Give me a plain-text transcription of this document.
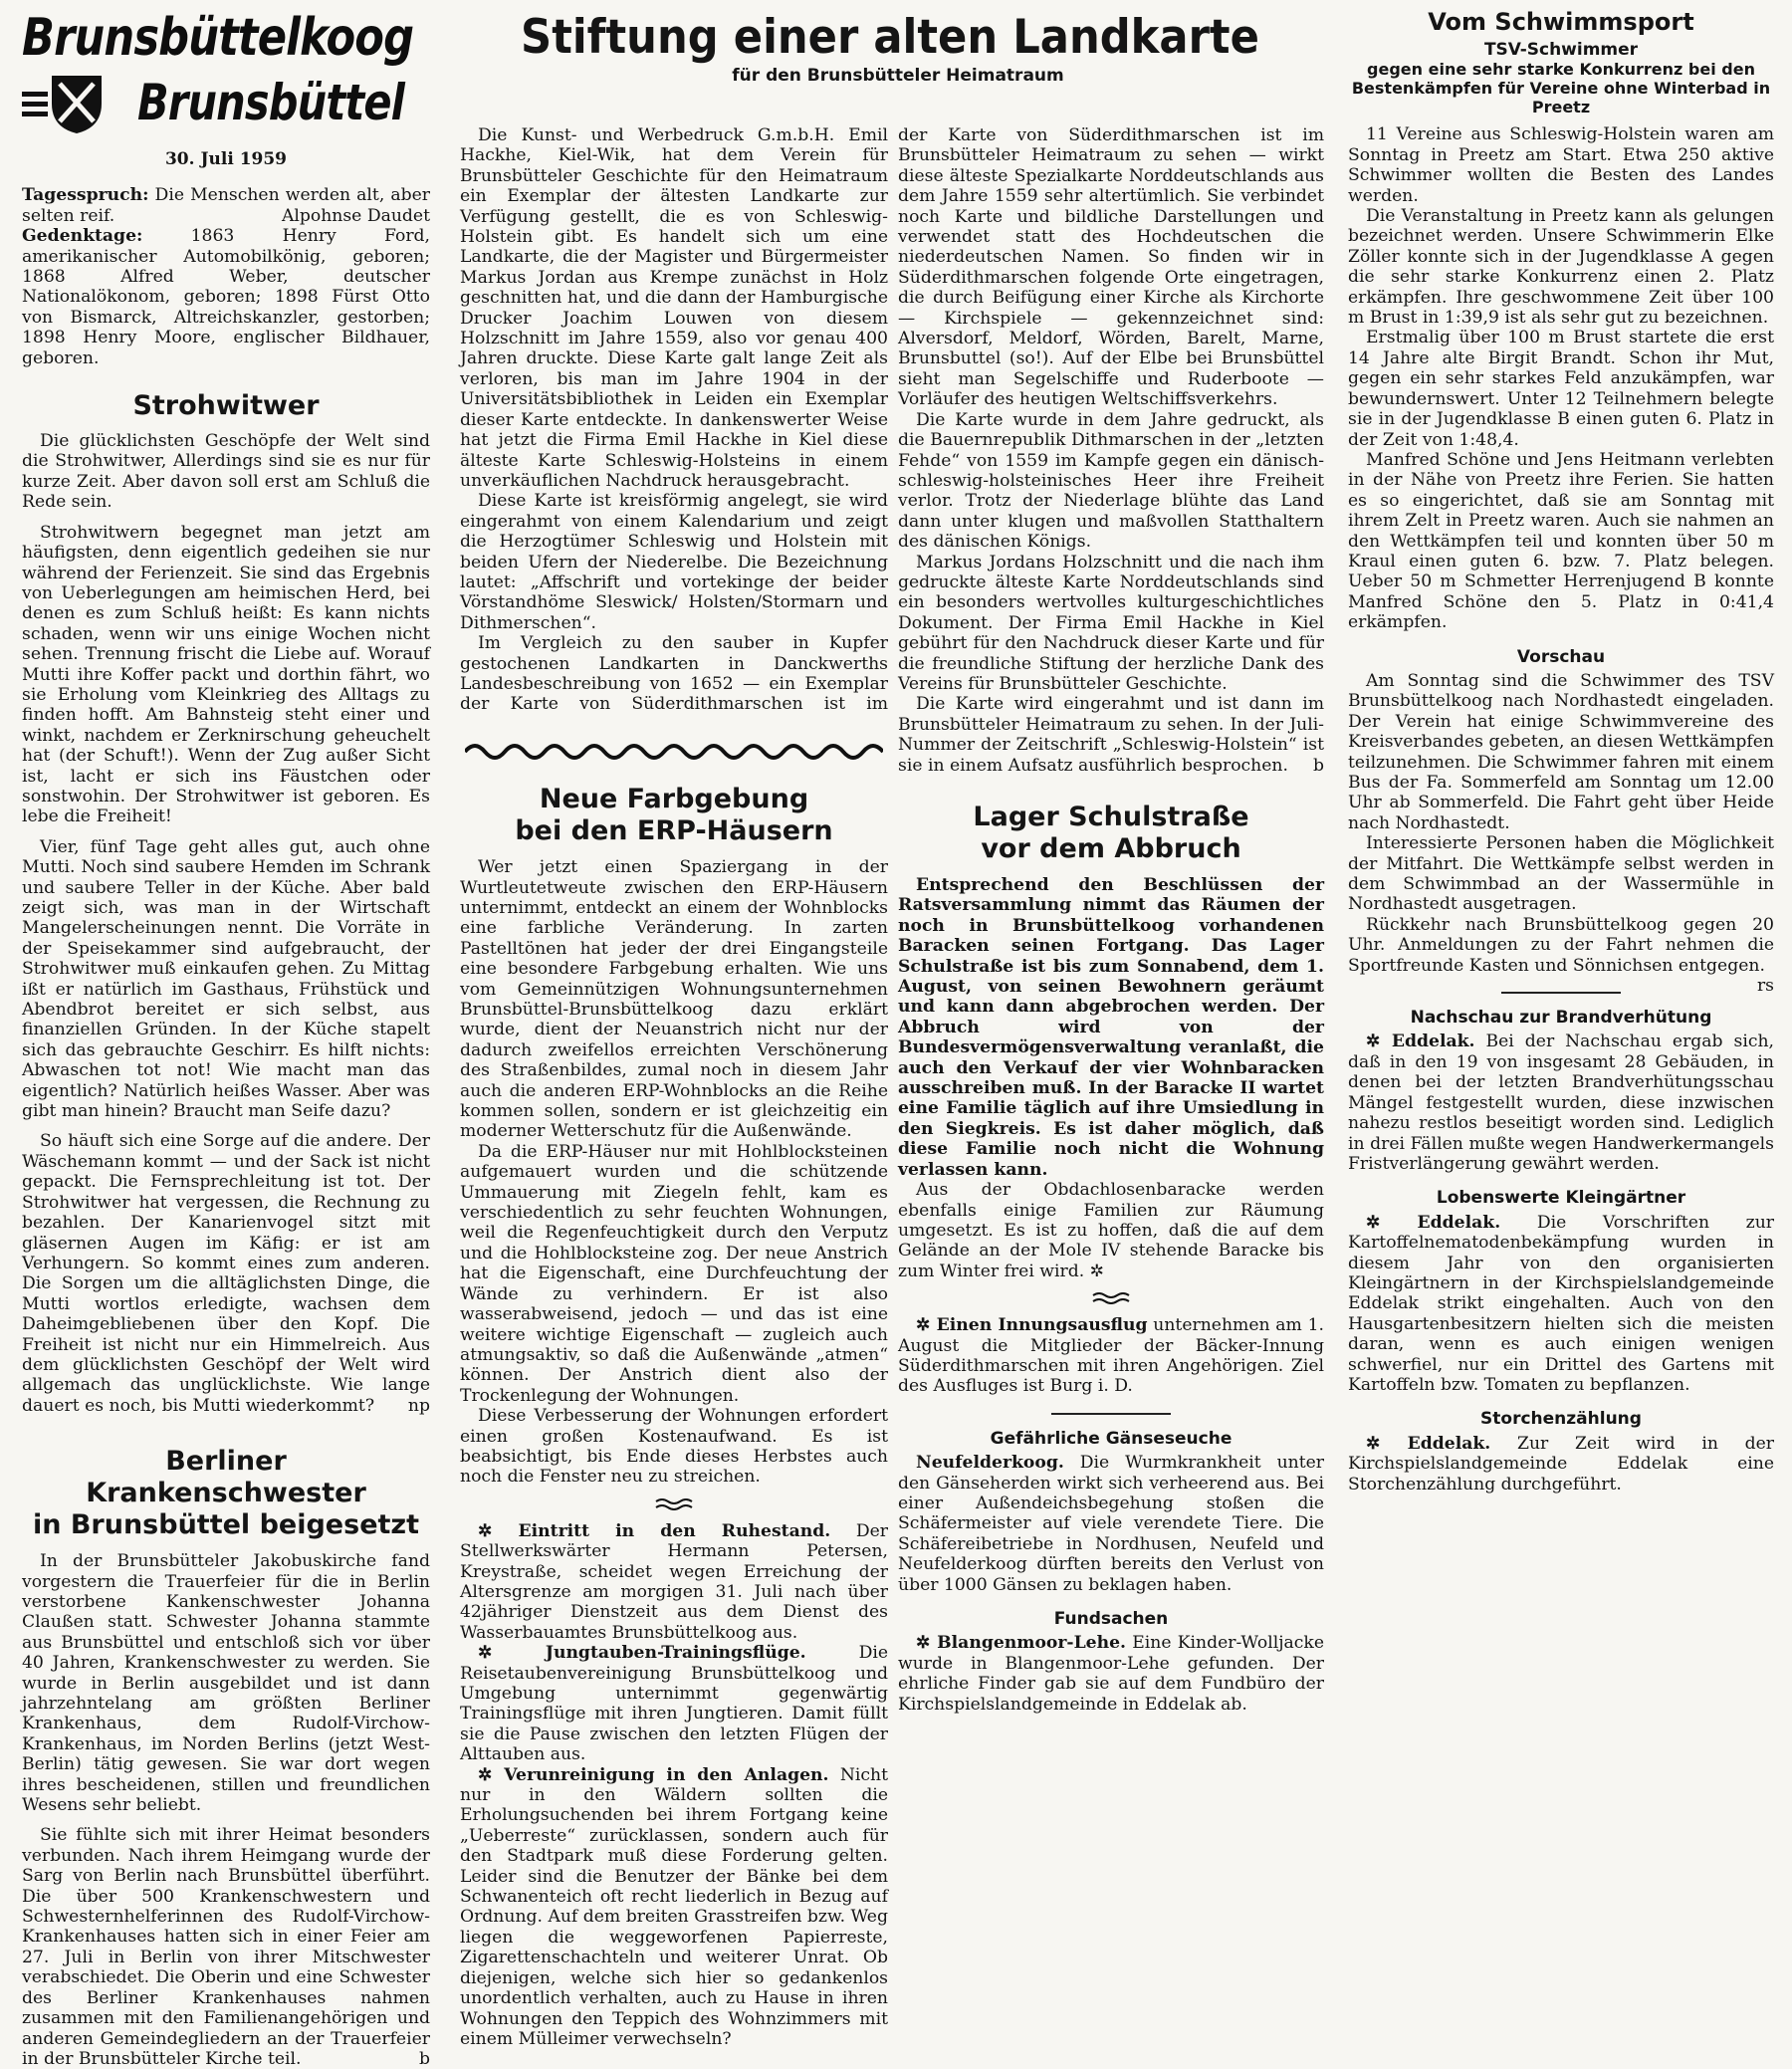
Brunsbüttelkoog
Brunsbüttel
30. Juli 1959

Tagesspruch: Die Menschen werden alt, aber selten reif.	Alpohnse Daudet

Gedenktage:	1863 Henry Ford, amerikanischer Automobilkönig, geboren; 1868 Alfred Weber, deutscher Nationalökonom, geboren; 1898 Fürst Otto von Bismarck, Altreichskanzler, gestorben; 1898 Henry Moore, englischer Bildhauer, geboren.

Strohwitwer

Die glücklichsten Geschöpfe der Welt sind die Strohwitwer, Allerdings sind sie es nur für kurze Zeit. Aber davon soll erst am Schluß die Rede sein.

Strohwitwern begegnet man jetzt am häufigsten, denn eigentlich gedeihen sie nur während der Ferienzeit. Sie sind das Ergebnis von Ueberlegungen am heimischen Herd, bei denen es zum Schluß heißt: Es kann nichts schaden, wenn wir uns einige Wochen nicht sehen. Trennung frischt die Liebe auf. Worauf Mutti ihre Koffer packt und dorthin fährt, wo sie Erholung vom Kleinkrieg des Alltags zu finden hofft. Am Bahnsteig steht einer und winkt, nachdem er Zerknirschung geheuchelt hat (der Schuft!). Wenn der Zug außer Sicht ist, lacht er sich ins Fäustchen oder sonstwohin. Der Strohwitwer ist geboren. Es lebe die Freiheit!

Vier, fünf Tage geht alles gut, auch ohne Mutti. Noch sind saubere Hemden im Schrank und saubere Teller in der Küche. Aber bald zeigt sich, was man in der Wirtschaft Mangelerscheinungen nennt. Die Vorräte in der Speisekammer sind aufgebraucht, der Strohwitwer muß einkaufen gehen. Zu Mittag ißt er natürlich im Gasthaus, Frühstück und Abendbrot bereitet er sich selbst, aus finanziellen Gründen. In der Küche stapelt sich das gebrauchte Geschirr. Es hilft nichts: Abwaschen tot not! Wie macht man das eigentlich? Natürlich heißes Wasser. Aber was gibt man hinein? Braucht man Seife dazu?

So häuft sich eine Sorge auf die andere. Der Wäschemann kommt — und der Sack ist nicht gepackt. Die Fernsprechleitung ist tot. Der Strohwitwer hat vergessen, die Rechnung zu bezahlen. Der Kanarienvogel sitzt mit gläsernen Augen im Käfig: er ist am Verhungern. So kommt eines zum anderen. Die Sorgen um die alltäglichsten Dinge, die Mutti wortlos erledigte, wachsen dem Daheimgebliebenen über den Kopf. Die Freiheit ist nicht nur ein Himmelreich. Aus dem glücklichsten Geschöpf der Welt wird allgemach das unglücklichste. Wie lange dauert es noch, bis Mutti wiederkommt?	np

Berliner Krankenschwester
in Brunsbüttel beigesetzt

In der Brunsbütteler Jakobuskirche fand vorgestern die Trauerfeier für die in Berlin verstorbene Kankenschwester Johanna Claußen statt. Schwester Johanna stammte aus Brunsbüttel und entschloß sich vor über 40 Jahren, Krankenschwester zu werden. Sie wurde in Berlin ausgebildet und ist dann jahrzehntelang am größten Berliner Krankenhaus, dem Rudolf-Virchow-Krankenhaus, im Norden Berlins (jetzt West-Berlin) tätig gewesen. Sie war dort wegen ihres bescheidenen, stillen und freundlichen Wesens sehr beliebt.

Sie fühlte sich mit ihrer Heimat besonders verbunden. Nach ihrem Heimgang wurde der Sarg von Berlin nach Brunsbüttel überführt. Die über 500 Krankenschwestern und Schwesternhelferinnen des Rudolf-Virchow-Krankenhauses hatten sich in einer Feier am 27. Juli in Berlin von ihrer Mitschwester verabschiedet. Die Oberin und eine Schwester des Berliner Krankenhauses nahmen zusammen mit den Familienangehörigen und anderen Gemeindegliedern an der Trauerfeier in der Brunsbütteler Kirche teil.	b

Stiftung einer alten Landkarte
für den Brunsbütteler Heimatraum

Die Kunst- und Werbedruck G.m.b.H. Emil Hackhe, Kiel-Wik, hat dem Verein für Brunsbütteler Geschichte für den Heimatraum ein Exemplar der ältesten Landkarte zur Verfügung gestellt, die es von Schleswig-Holstein gibt. Es handelt sich um eine Landkarte, die der Magister und Bürgermeister Markus Jordan aus Krempe zunächst in Holz geschnitten hat, und die dann der Hamburgische Drucker Joachim Louwen von diesem Holzschnitt im Jahre 1559, also vor genau 400 Jahren druckte. Diese Karte galt lange Zeit als verloren, bis man im Jahre 1904 in der Universitätsbibliothek in Leiden ein Exemplar dieser Karte entdeckte. In dankenswerter Weise hat jetzt die Firma Emil Hackhe in Kiel diese älteste Karte Schleswig-Holsteins in einem unverkäuflichen Nachdruck herausgebracht.

Diese Karte ist kreisförmig angelegt, sie wird eingerahmt von einem Kalendarium und zeigt die Herzogtümer Schleswig und Holstein mit beiden Ufern der Niederelbe. Die Bezeichnung lautet: „Affschrift und vortekinge der beider Vörstandhöme Sleswick/ Holsten/Stormarn und Dithmerschen“.

Im Vergleich zu den sauber in Kupfer gestochenen Landkarten in Danckwerths Landesbeschreibung von 1652 — ein Exemplar der Karte von Süderdithmarschen ist im

Neue Farbgebung
bei den ERP-Häusern

Wer jetzt einen Spaziergang in der Wurtleutetweute zwischen den ERP-Häusern unternimmt, entdeckt an einem der Wohnblocks eine farbliche Veränderung. In zarten Pastelltönen hat jeder der drei Eingangsteile eine besondere Farbgebung erhalten. Wie uns vom Gemeinnützigen Wohnungsunternehmen Brunsbüttel-Brunsbüttelkoog dazu erklärt wurde, dient der Neuanstrich nicht nur der dadurch zweifellos erreichten Verschönerung des Straßenbildes, zumal noch in diesem Jahr auch die anderen ERP-Wohnblocks an die Reihe kommen sollen, sondern er ist gleichzeitig ein moderner Wetterschutz für die Außenwände.

Da die ERP-Häuser nur mit Hohlblocksteinen aufgemauert wurden und die schützende Ummauerung mit Ziegeln fehlt, kam es verschiedentlich zu sehr feuchten Wohnungen, weil die Regenfeuchtigkeit durch den Verputz und die Hohlblocksteine zog. Der neue Anstrich hat die Eigenschaft, eine Durchfeuchtung der Wände zu verhindern. Er ist also wasserabweisend, jedoch — und das ist eine weitere wichtige Eigenschaft — zugleich auch atmungsaktiv, so daß die Außenwände „atmen“ können. Der Anstrich dient also der Trockenlegung der Wohnungen.

Diese Verbesserung der Wohnungen erfordert einen großen Kostenaufwand. Es ist beabsichtigt, bis Ende dieses Herbstes auch noch die Fenster neu zu streichen.

✲ Eintritt in den Ruhestand. Der Stellwerkswärter Hermann Petersen, Kreystraße, scheidet wegen Erreichung der Altersgrenze am morgigen 31. Juli nach über 42jähriger Dienstzeit aus dem Dienst des Wasserbauamtes Brunsbüttelkoog aus.

✲ Jungtauben-Trainingsflüge.	Die Reisetaubenvereinigung Brunsbüttelkoog und Umgebung unternimmt gegenwärtig Trainingsflüge mit ihren Jungtieren. Damit füllt sie die Pause zwischen den letzten Flügen der Alttauben aus.

✲ Verunreinigung in den Anlagen. Nicht nur in den Wäldern sollten die Erholungsuchenden bei ihrem Fortgang keine „Ueberreste“ zurücklassen, sondern auch für den Stadtpark muß diese Forderung gelten. Leider sind die Benutzer der Bänke bei dem Schwanenteich oft recht liederlich in Bezug auf Ordnung. Auf dem breiten Grasstreifen bzw. Weg liegen die weggeworfenen Papierreste, Zigarettenschachteln und weiterer Unrat. Ob diejenigen, welche sich hier so gedankenlos unordentlich verhalten, auch zu Hause in ihren Wohnungen den Teppich des Wohnzimmers mit einem Mülleimer verwechseln?

der Karte von Süderdithmarschen ist im Brunsbütteler Heimatraum zu sehen — wirkt diese älteste Spezialkarte Norddeutschlands aus dem Jahre 1559 sehr altertümlich. Sie verbindet noch Karte und bildliche Darstellungen und verwendet statt des Hochdeutschen die niederdeutschen Namen. So finden wir in Süderdithmarschen folgende Orte eingetragen, die durch Beifügung einer Kirche als Kirchorte — Kirchspiele — gekennzeichnet sind: Alversdorf, Meldorf, Wörden, Barelt, Marne, Brunsbuttel (so!). Auf der Elbe bei Brunsbüttel sieht man Segelschiffe und Ruderboote — Vorläufer des heutigen Weltschiffsverkehrs.

Die Karte wurde in dem Jahre gedruckt, als die Bauernrepublik Dithmarschen in der „letzten Fehde“ von 1559 im Kampfe gegen ein dänisch-schleswig-holsteinisches Heer ihre Freiheit verlor. Trotz der Niederlage blühte das Land dann unter klugen und maßvollen Statthaltern des dänischen Königs.

Markus Jordans Holzschnitt und die nach ihm gedruckte älteste Karte Norddeutschlands sind ein besonders wertvolles kulturgeschichtliches Dokument. Der Firma Emil Hackhe in Kiel gebührt für den Nachdruck dieser Karte und für die freundliche Stiftung der herzliche Dank des Vereins für Brunsbütteler Geschichte.

Die Karte wird eingerahmt und ist dann im Brunsbütteler Heimatraum zu sehen. In der Juli-Nummer der Zeitschrift „Schleswig-Holstein“ ist sie in einem Aufsatz ausführlich besprochen.	b

Lager Schulstraße
vor dem Abbruch

Entsprechend den Beschlüssen der Ratsversammlung nimmt das Räumen der noch in Brunsbüttelkoog vorhandenen Baracken seinen Fortgang. Das Lager Schulstraße ist bis zum Sonnabend, dem 1. August, von seinen Bewohnern geräumt und kann dann abgebrochen werden. Der Abbruch wird von der Bundesvermögensverwaltung veranlaßt, die auch den Verkauf der vier Wohnbaracken ausschreiben muß. In der Baracke II wartet eine Familie täglich auf ihre Umsiedlung in den Siegkreis. Es ist daher möglich, daß diese Familie noch nicht die Wohnung verlassen kann.

Aus der Obdachlosenbaracke werden ebenfalls einige Familien zur Räumung umgesetzt. Es ist zu hoffen, daß die auf dem Gelände an der Mole IV stehende Baracke bis zum Winter frei wird. ✲

✲ Einen Innungsausflug unternehmen am 1. August die Mitglieder der Bäcker-Innung Süderdithmarschen mit ihren Angehörigen. Ziel des Ausfluges ist Burg i. D.

Gefährliche Gänseseuche

Neufelderkoog. Die Wurmkrankheit unter den Gänseherden wirkt sich verheerend aus. Bei einer Außendeichsbegehung stoßen die Schäfermeister auf viele verendete Tiere. Die Schäfereibetriebe in Nordhusen, Neufeld und Neufelderkoog dürften bereits den Verlust von über 1000 Gänsen zu beklagen haben.

Fundsachen

✲ Blangenmoor-Lehe. Eine Kinder-Wolljacke wurde in Blangenmoor-Lehe gefunden. Der ehrliche Finder gab sie auf dem Fundbüro der Kirchspielslandgemeinde in Eddelak ab.

Vom Schwimmsport
TSV-Schwimmer
gegen eine sehr starke Konkurrenz bei den Bestenkämpfen für Vereine ohne Winterbad in Preetz

11 Vereine aus Schleswig-Holstein waren am Sonntag in Preetz am Start. Etwa 250 aktive Schwimmer wollten die Besten des Landes werden.

Die Veranstaltung in Preetz kann als gelungen bezeichnet werden. Unsere Schwimmerin Elke Zöller konnte sich in der Jugendklasse A gegen die sehr starke Konkurrenz einen 2. Platz erkämpfen. Ihre geschwommene Zeit über 100 m Brust in 1:39,9 ist als sehr gut zu bezeichnen.

Erstmalig über 100 m Brust startete die erst 14 Jahre alte Birgit Brandt. Schon ihr Mut, gegen ein sehr starkes Feld anzukämpfen, war bewundernswert. Unter 12 Teilnehmern belegte sie in der Jugendklasse B einen guten 6. Platz in der Zeit von 1:48,4.

Manfred Schöne und Jens Heitmann verlebten in der Nähe von Preetz ihre Ferien. Sie hatten es so eingerichtet, daß sie am Sonntag mit ihrem Zelt in Preetz waren. Auch sie nahmen an den Wettkämpfen teil und konnten über 50 m Kraul einen guten 6. bzw. 7. Platz belegen. Ueber 50 m Schmetter Herrenjugend B konnte Manfred Schöne den 5. Platz in 0:41,4 erkämpfen.

Vorschau

Am Sonntag sind die Schwimmer des TSV Brunsbüttelkoog nach Nordhastedt eingeladen. Der Verein hat einige Schwimmvereine des Kreisverbandes gebeten, an diesen Wettkämpfen teilzunehmen. Die Schwimmer fahren mit einem Bus der Fa. Sommerfeld am Sonntag um 12.00 Uhr ab Sommerfeld. Die Fahrt geht über Heide nach Nordhastedt.

Interessierte Personen haben die Möglichkeit der Mitfahrt. Die Wettkämpfe selbst werden in dem Schwimmbad an der Wassermühle in Nordhastedt ausgetragen.

Rückkehr nach Brunsbüttelkoog gegen 20 Uhr. Anmeldungen zu der Fahrt nehmen die Sportfreunde Kasten und Sönnichsen entgegen.
rs

Nachschau zur Brandverhütung

✲ Eddelak. Bei der Nachschau ergab sich, daß in den 19 von insgesamt 28 Gebäuden, in denen bei der letzten Brandverhütungsschau Mängel festgestellt wurden, diese inzwischen nahezu restlos beseitigt worden sind. Lediglich in drei Fällen mußte wegen Handwerkermangels Fristverlängerung gewährt werden.

Lobenswerte Kleingärtner

✲ Eddelak. Die Vorschriften zur Kartoffelnematodenbekämpfung wurden in diesem Jahr von den organisierten Kleingärtnern in der Kirchspielslandgemeinde Eddelak strikt eingehalten. Auch von den Hausgartenbesitzern hielten sich die meisten daran, wenn es auch einigen wenigen schwerfiel, nur ein Drittel des Gartens mit Kartoffeln bzw. Tomaten zu bepflanzen.

Storchenzählung

✲ Eddelak. Zur Zeit wird in der Kirchspielslandgemeinde Eddelak eine Storchenzählung durchgeführt.
